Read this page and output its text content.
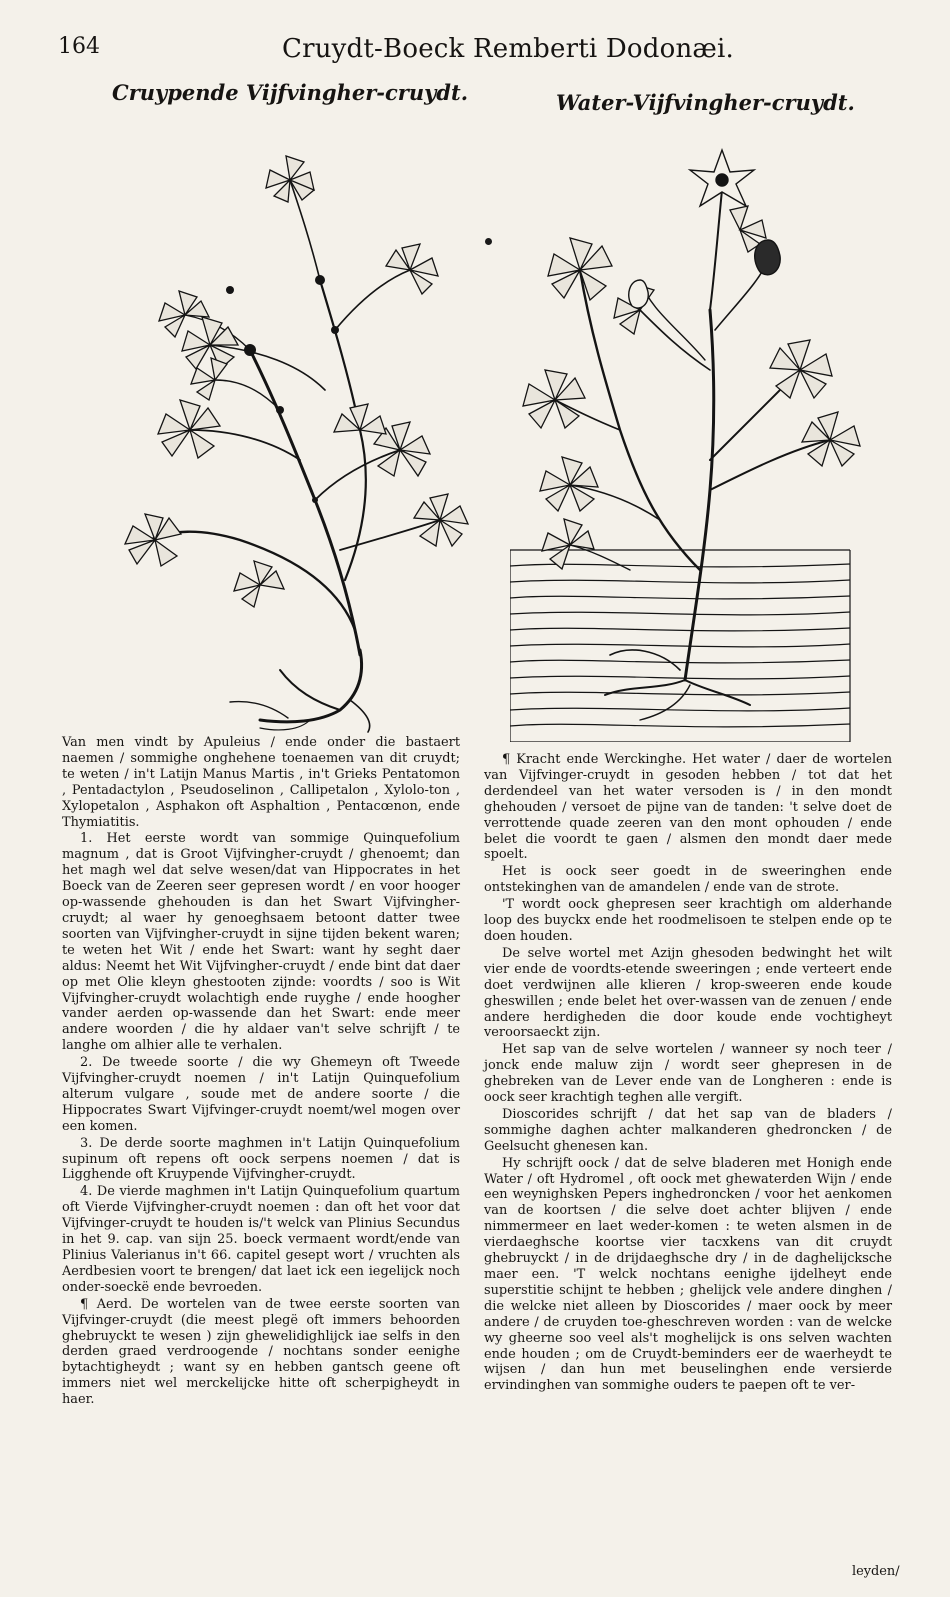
164	Cruydt-Boeck Remberti Dodonæi.
Cruypende Vijfvingher-cruydt.	Water-Vijfvingher-cruydt.

Van men vindt by Apuleius / ende onder die bastaert naemen / sommighe onghehene toenaemen van dit cruydt; te weten / in't Latijn Manus Martis , in't Grieks Pentatomon , Pentadactylon , Pseudoselinon , Callipetalon , Xylolo-ton , Xylopetalon , Asphakon oft Asphaltion , Pentacœnon, ende Thymiatitis.

1. Het eerste wordt van sommige Quinquefolium magnum , dat is Groot Vijfvingher-cruydt / ghenoemt; dan het magh wel dat selve wesen/dat van Hippocrates in het Boeck van de Zeeren seer gepresen wordt / en voor hooger op-wassende ghehouden is dan het Swart Vijfvingher-cruydt; al waer hy genoeghsaem betoont datter twee soorten van Vijfvingher-cruydt in sijne tijden bekent waren; te weten het Wit / ende het Swart: want hy seght daer aldus: Neemt het Wit Vijfvingher-cruydt / ende bint dat daer op met Olie kleyn ghestooten zijnde: voordts / soo is Wit Vijfvingher-cruydt wolachtigh ende ruyghe / ende hoogher vander aerden op-wassende dan het Swart: ende meer andere woorden / die hy aldaer van't selve schrijft / te langhe om alhier alle te verhalen.

2. De tweede soorte / die wy Ghemeyn oft Tweede Vijfvingher-cruydt noemen / in't Latijn Quinquefolium alterum vulgare , soude met de andere soorte / die Hippocrates Swart Vijfvinger-cruydt noemt/wel mogen over een komen.

3. De derde soorte maghmen in't Latijn Quinquefolium supinum oft repens oft oock serpens noemen / dat is Ligghende oft Kruypende Vijfvingher-cruydt.

4. De vierde maghmen in't Latijn Quinquefolium quartum oft Vierde Vijfvingher-cruydt noemen : dan oft het voor dat Vijfvinger-cruydt te houden is/'t welck van Plinius Secundus in het 9. cap. van sijn 25. boeck vermaent wordt/ende van Plinius Valerianus in't 66. capitel gesept wort / vruchten als Aerdbesien voort te brengen/ dat laet ick een iegelijck noch onder-soeckë ende bevroeden.

¶ Aerd. De wortelen van de twee eerste soorten van Vijfvinger-cruydt (die meest plegë oft immers behoorden ghebruyckt te wesen ) zijn ghewelidighlijck iae selfs in den derden graed verdroogende / nochtans sonder eenighe bytachtigheydt ; want sy en hebben gantsch geene oft immers niet wel merckelijcke hitte oft scherpigheydt in haer.

¶ Kracht ende Werckinghe. Het water / daer de wortelen van Vijfvinger-cruydt in gesoden hebben / tot dat het derdendeel van het water versoden is / in den mondt ghehouden / versoet de pijne van de tanden: 't selve doet de verrottende quade zeeren van den mont ophouden / ende belet die voordt te gaen / alsmen den mondt daer mede spoelt.

Het is oock seer goedt in de sweeringhen ende ontstekinghen van de amandelen / ende van de strote.

'T wordt oock ghepresen seer krachtigh om alderhande loop des buyckx ende het roodmelisoen te stelpen ende op te doen houden.

De selve wortel met Azijn ghesoden bedwinght het wilt vier ende de voordts-etende sweeringen ; ende verteert ende doet verdwijnen alle klieren / krop-sweeren ende koude gheswillen ; ende belet het over-wassen van de zenuen / ende andere herdigheden die door koude ende vochtigheyt veroorsaeckt zijn.

Het sap van de selve wortelen / wanneer sy noch teer / jonck ende maluw zijn / wordt seer ghepresen in de ghebreken van de Lever ende van de Longheren : ende is oock seer krachtigh teghen alle vergift.

Dioscorides schrijft / dat het sap van de bladers / sommighe daghen achter malkanderen ghedroncken / de Geelsucht ghenesen kan.

Hy schrijft oock / dat de selve bladeren met Honigh ende Water / oft Hydromel , oft oock met ghewaterden Wijn / ende een weynighsken Pepers inghedroncken / voor het aenkomen van de koortsen / die selve doet achter blijven / ende nimmermeer en laet weder-komen : te weten alsmen in de vierdaeghsche koortse vier tacxkens van dit cruydt ghebruyckt / in de drijdaeghsche dry / in de daghelijcksche maer een. 'T welck nochtans eenighe ijdelheyt ende superstitie schijnt te hebben ; ghelijck vele andere dinghen / die welcke niet alleen by Dioscorides / maer oock by meer andere / de cruyden toe-gheschreven worden : van de welcke wy gheerne soo veel als't moghelijck is ons selven wachten ende houden ; om de Cruydt-beminders eer de waerheydt te wijsen / dan hun met beuselinghen ende versierde ervindinghen van sommighe ouders te paepen oft te ver-

leyden/
